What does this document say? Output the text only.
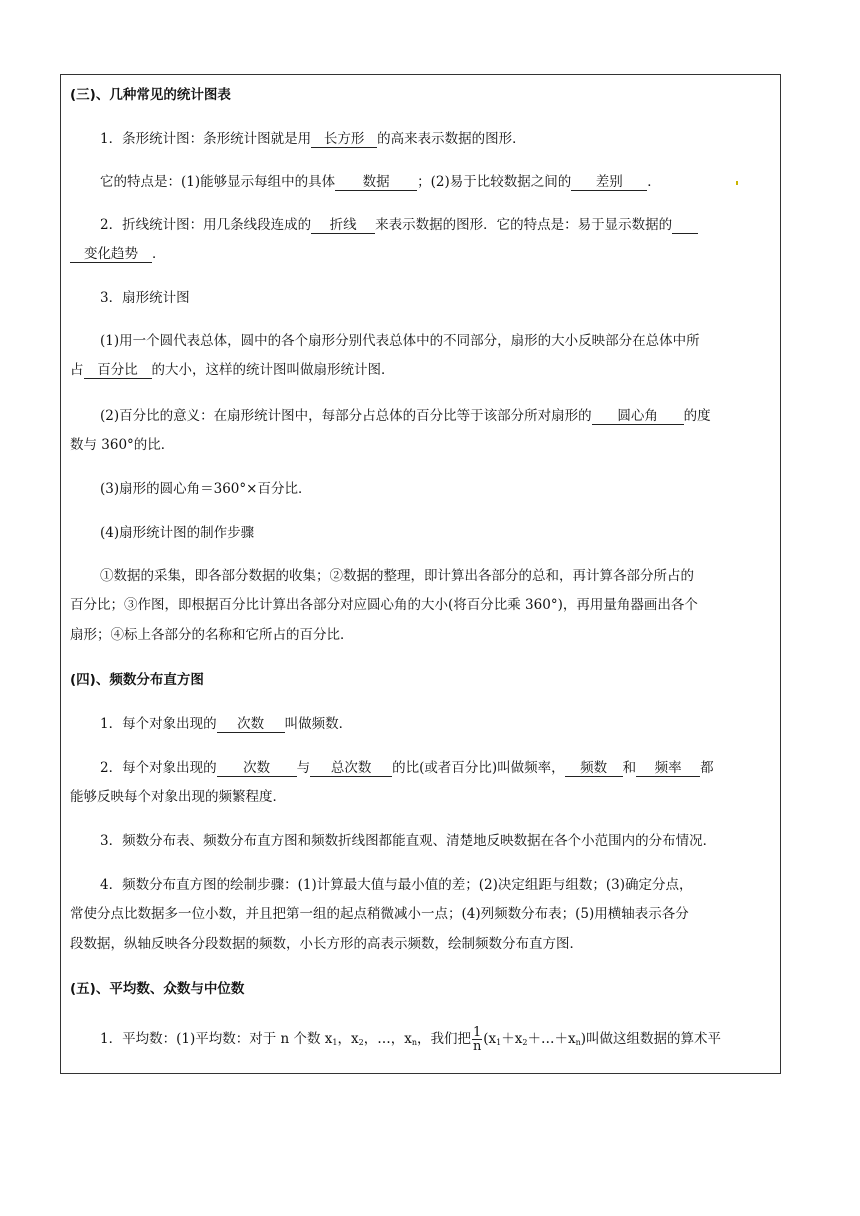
(三)、几种常见的统计图表
1．条形统计图：条形统计图就是用 长方形 的高来表示数据的图形．
它的特点是：(1)能够显示每组中的具体 数据 ；(2)易于比较数据之间的 差别 ．
2．折线统计图：用几条线段连成的 折线 来表示数据的图形．它的特点是：易于显示数据的
变化趋势 ．
3．扇形统计图
(1)用一个圆代表总体，圆中的各个扇形分别代表总体中的不同部分，扇形的大小反映部分在总体中所
占 百分比 的大小，这样的统计图叫做扇形统计图．
(2)百分比的意义：在扇形统计图中，每部分占总体的百分比等于该部分所对扇形的 圆心角 的度
数与 360°的比．
(3)扇形的圆心角＝360°×百分比．
(4)扇形统计图的制作步骤
①数据的采集，即各部分数据的收集；②数据的整理，即计算出各部分的总和，再计算各部分所占的
百分比；③作图，即根据百分比计算出各部分对应圆心角的大小(将百分比乘 360°)，再用量角器画出各个
扇形；④标上各部分的名称和它所占的百分比．
(四)、频数分布直方图
1．每个对象出现的 次数 叫做频数．
2．每个对象出现的 次数 与 总次数 的比(或者百分比)叫做频率， 频数 和 频率 都
能够反映每个对象出现的频繁程度．
3．频数分布表、频数分布直方图和频数折线图都能直观、清楚地反映数据在各个小范围内的分布情况．
4．频数分布直方图的绘制步骤：(1)计算最大值与最小值的差；(2)决定组距与组数；(3)确定分点，
常使分点比数据多一位小数，并且把第一组的起点稍微减小一点；(4)列频数分布表；(5)用横轴表示各分
段数据，纵轴反映各分段数据的频数，小长方形的高表示频数，绘制频数分布直方图．
(五)、平均数、众数与中位数
1．平均数：(1)平均数：对于 n 个数 $x_1$，$x_2$，…，$x_n$，我们把 $\frac{1}{n}$ $(x_1+x_2+\dots+x_n)$叫做这组数据的算术平
